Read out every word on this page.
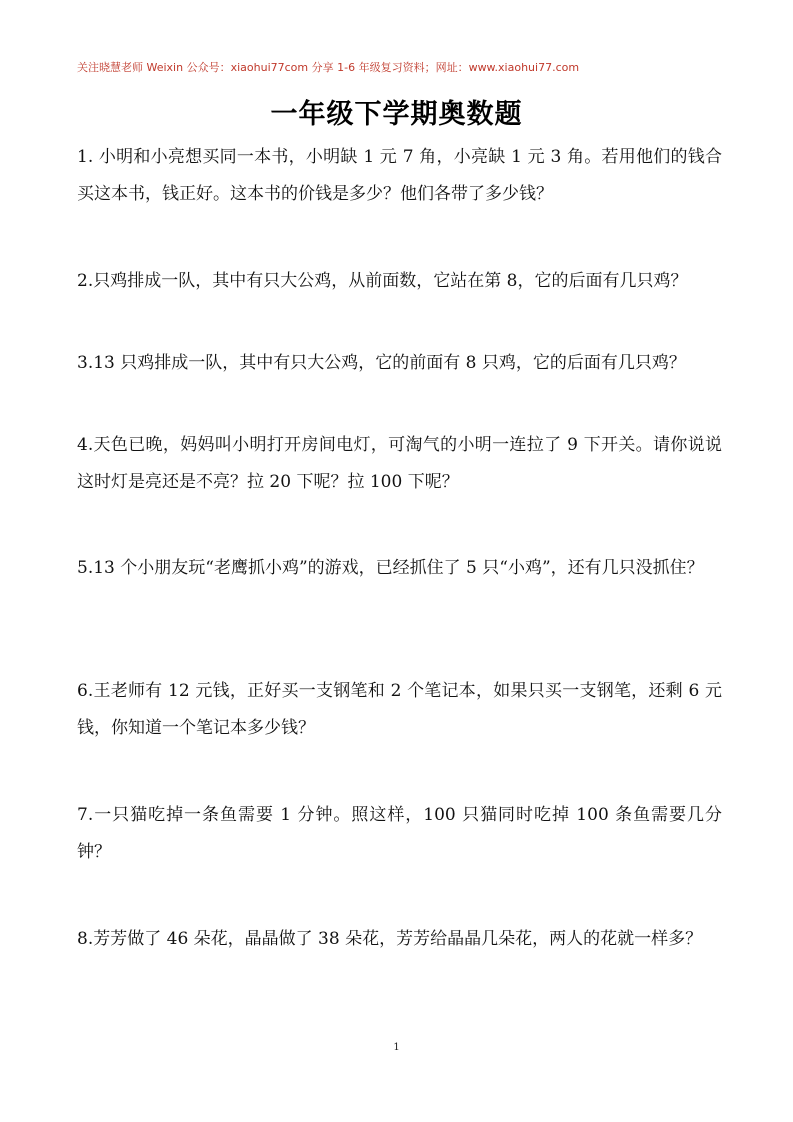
关注晓慧老师 Weixin 公众号：xiaohui77com 分享 1-6 年级复习资料；网址：www.xiaohui77.com
一年级下学期奥数题
1. 小明和小亮想买同一本书，小明缺 1 元 7 角，小亮缺 1 元 3 角。若用他们的钱合买这本书，钱正好。这本书的价钱是多少？他们各带了多少钱？
2.只鸡排成一队，其中有只大公鸡，从前面数，它站在第 8，它的后面有几只鸡？
3.13 只鸡排成一队，其中有只大公鸡，它的前面有 8 只鸡，它的后面有几只鸡？
4.天色已晚，妈妈叫小明打开房间电灯，可淘气的小明一连拉了 9 下开关。请你说说这时灯是亮还是不亮？拉 20 下呢？拉 100 下呢？
5.13 个小朋友玩“老鹰抓小鸡”的游戏，已经抓住了 5 只“小鸡”，还有几只没抓住？
6.王老师有 12 元钱，正好买一支钢笔和 2 个笔记本，如果只买一支钢笔，还剩 6 元钱，你知道一个笔记本多少钱？
7.一只猫吃掉一条鱼需要 1 分钟。照这样，100 只猫同时吃掉 100 条鱼需要几分钟？
8.芳芳做了 46 朵花，晶晶做了 38 朵花，芳芳给晶晶几朵花，两人的花就一样多？
1
